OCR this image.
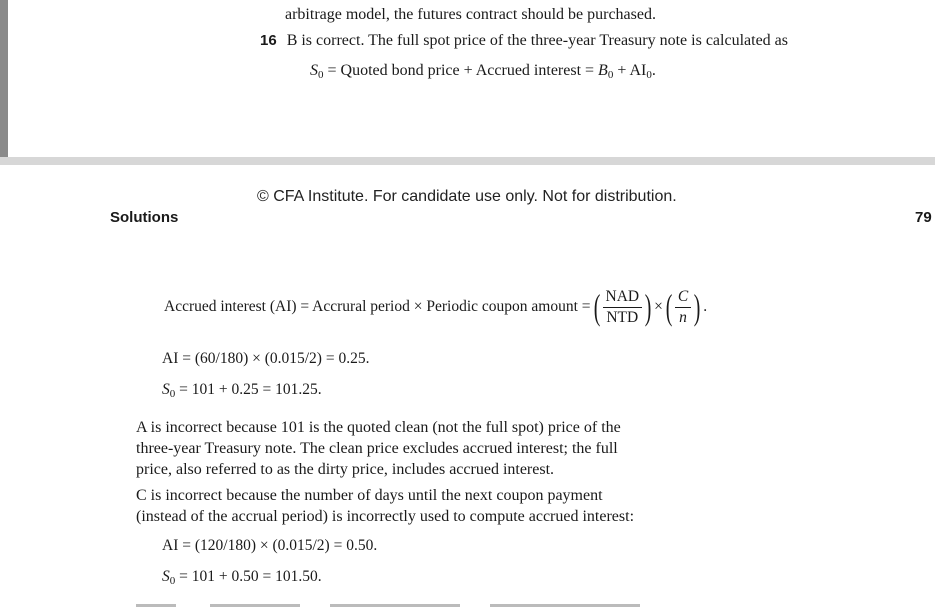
arbitrage model, the futures contract should be purchased.
16 B is correct. The full spot price of the three-year Treasury note is calculated as
$S_0$ = Quoted bond price + Accrued interest = $B_0 + AI_0$.
© CFA Institute. For candidate use only. Not for distribution.
Solutions	79
Accrued interest (AI) = Accrural period × Periodic coupon amount = ( $\frac{\text{NAD}}{\text{NTD}}$ ) × ( $\frac{C}{n}$ ) .
AI = (60/180) × (0.015/2) = 0.25.
$S_0 = 101 + 0.25 = 101.25$.
A is incorrect because 101 is the quoted clean (not the full spot) price of the
three-year Treasury note. The clean price excludes accrued interest; the full
price, also referred to as the dirty price, includes accrued interest.
C is incorrect because the number of days until the next coupon payment
(instead of the accrual period) is incorrectly used to compute accrued interest:
AI = (120/180) × (0.015/2) = 0.50.
$S_0 = 101 + 0.50 = 101.50$.
